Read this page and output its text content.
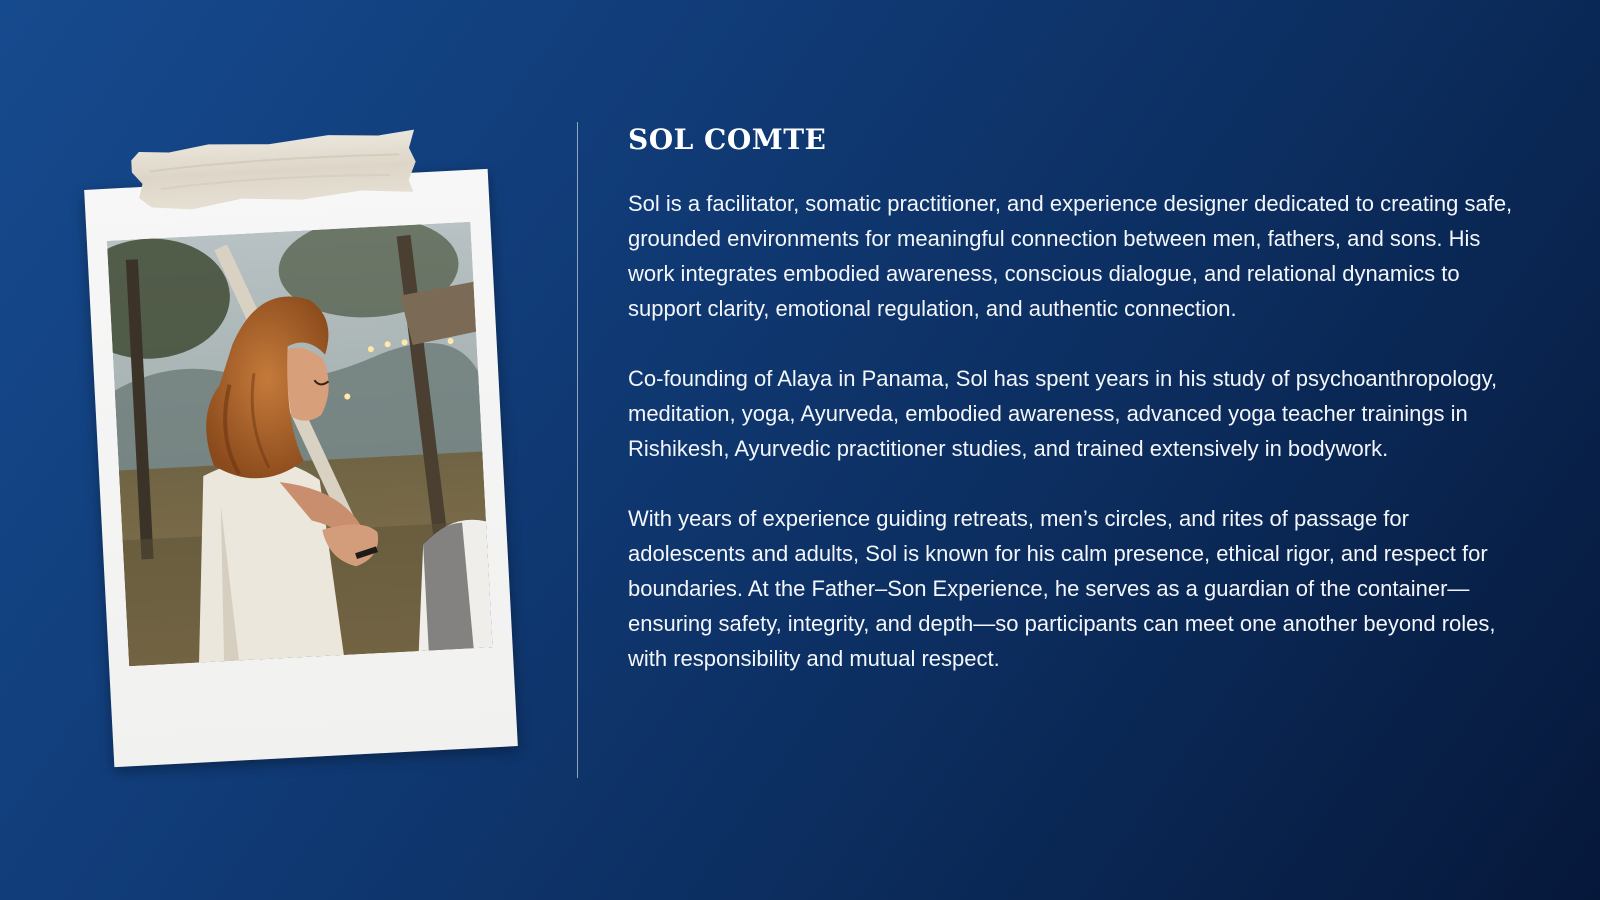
SOL COMTE

Sol is a facilitator, somatic practitioner, and experience designer dedicated to creating safe, grounded environments for meaningful connection between men, fathers, and sons. His work integrates embodied awareness, conscious dialogue, and relational dynamics to support clarity, emotional regulation, and authentic connection.

Co-founding of Alaya in Panama, Sol has spent years in his study of psychoanthropology, meditation, yoga, Ayurveda, embodied awareness, advanced yoga teacher trainings in Rishikesh, Ayurvedic practitioner studies, and trained extensively in bodywork.

With years of experience guiding retreats, men’s circles, and rites of passage for adolescents and adults, Sol is known for his calm presence, ethical rigor, and respect for boundaries. At the Father–Son Experience, he serves as a guardian of the container—ensuring safety, integrity, and depth—so participants can meet one another beyond roles, with responsibility and mutual respect.
